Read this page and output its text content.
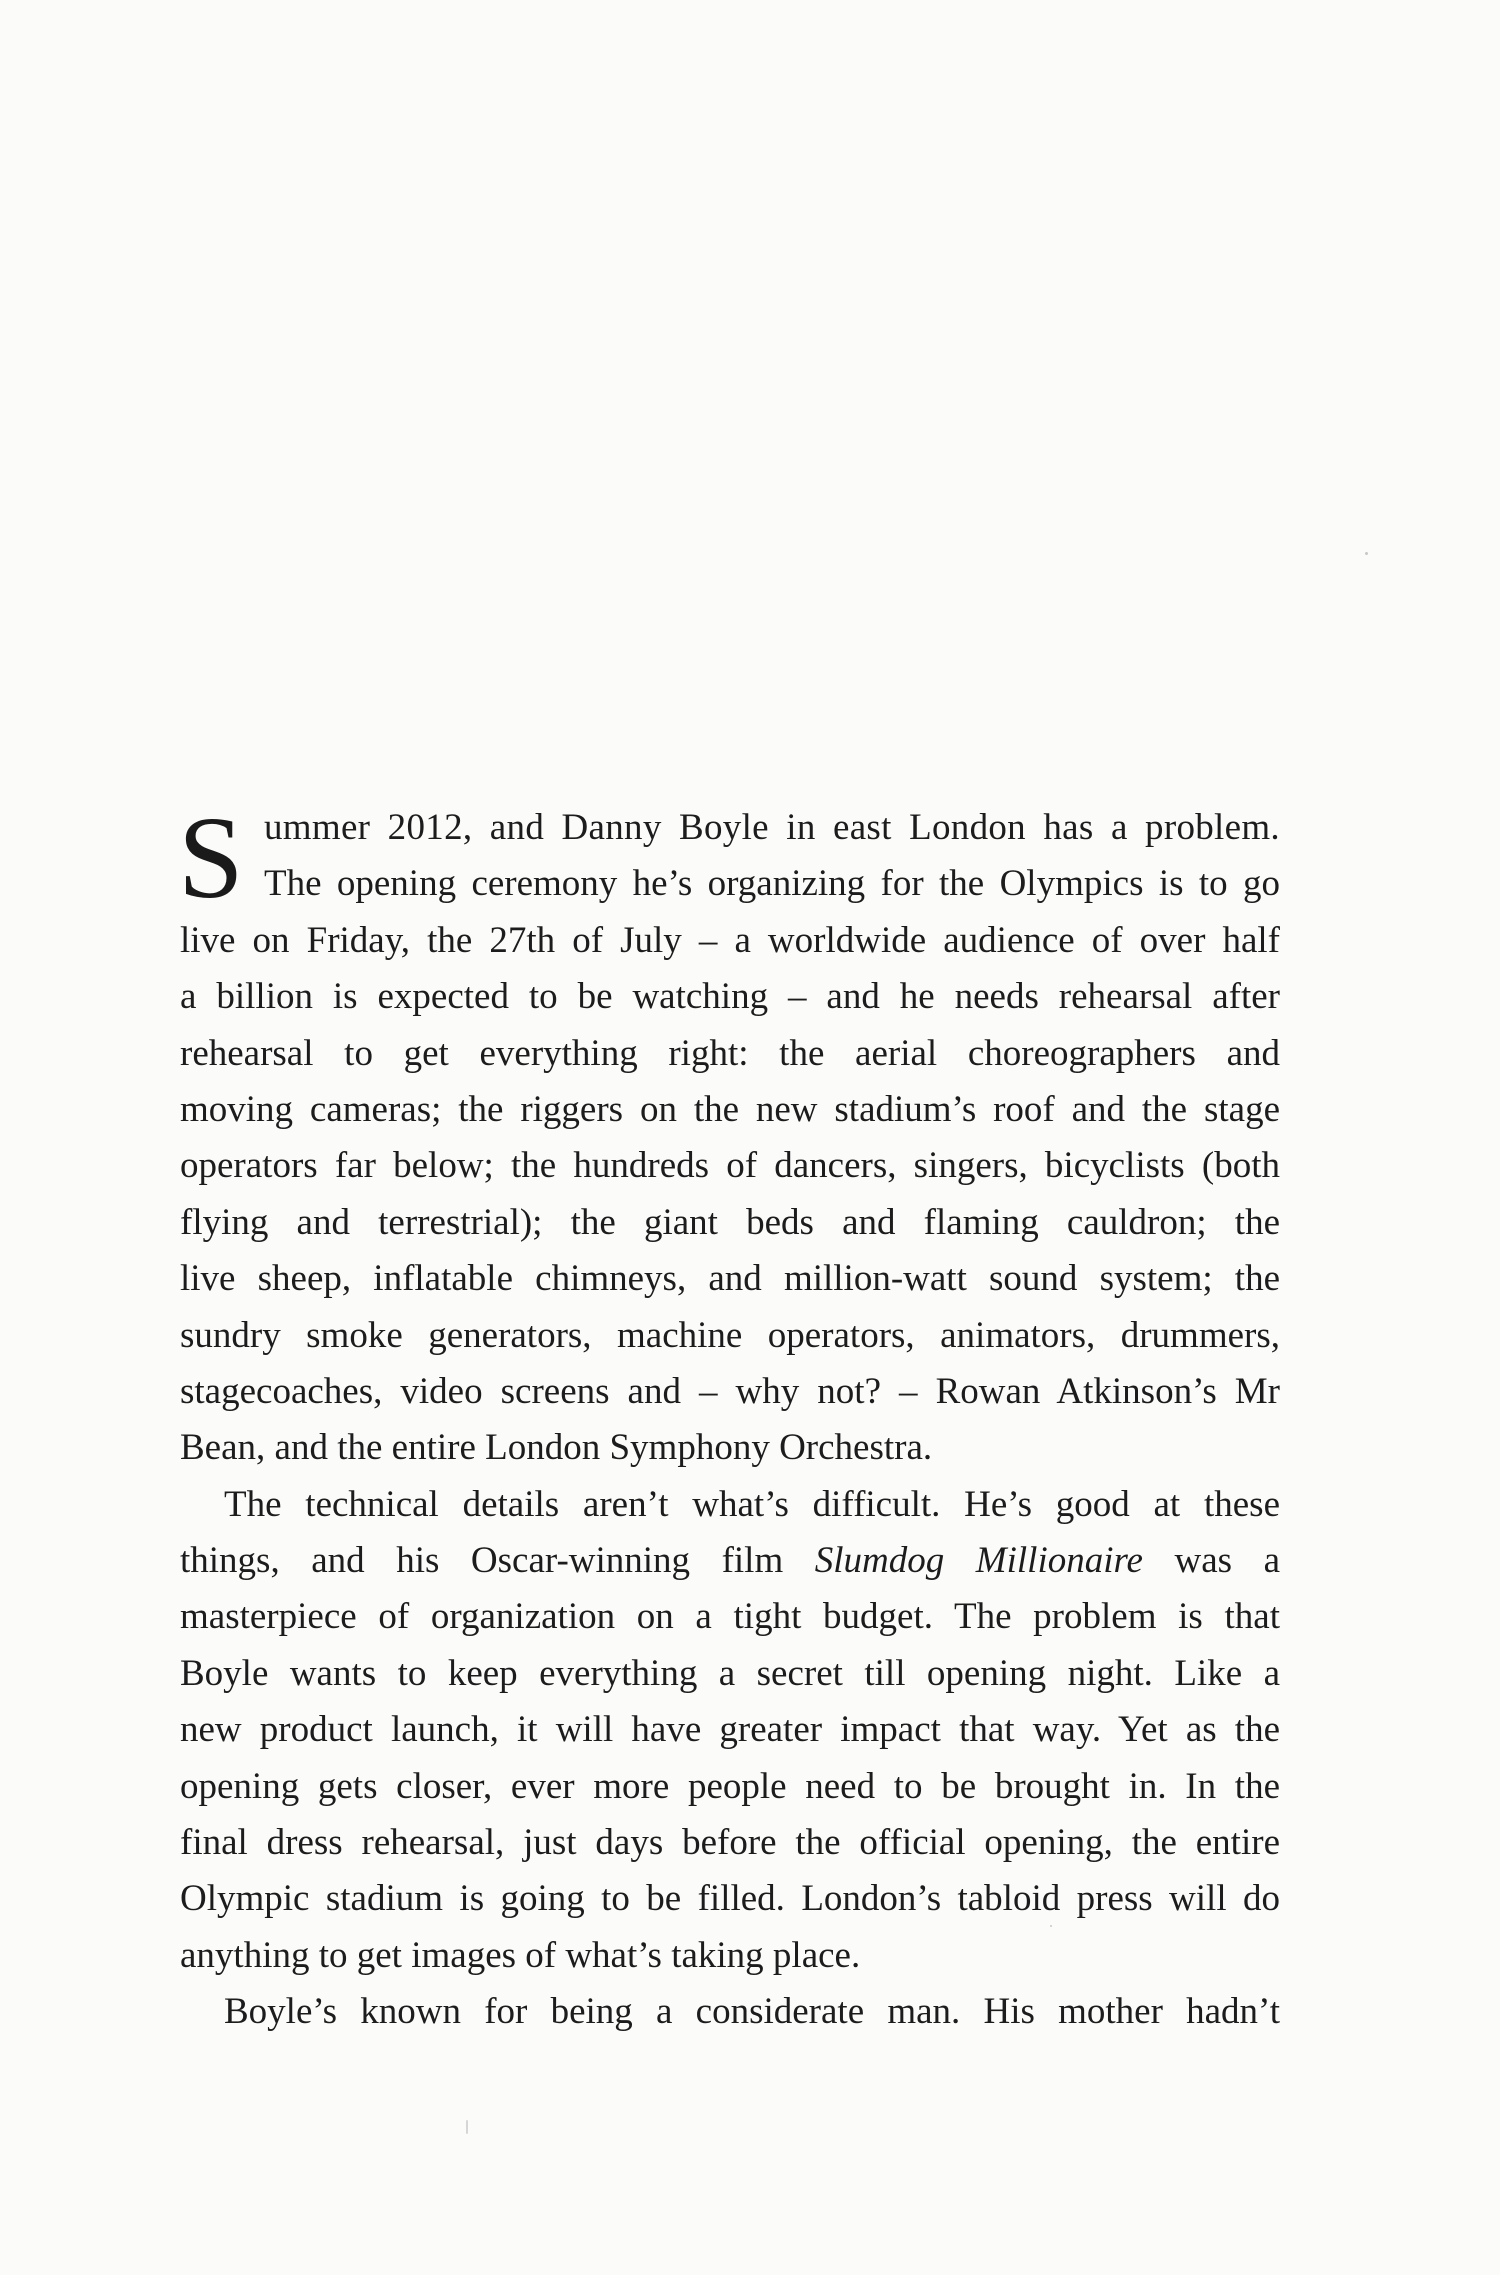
S ummer 2012, and Danny Boyle in east London has a problem.
The opening ceremony he’s organizing for the Olympics is to go
live on Friday, the 27th of July – a worldwide audience of over half
a billion is expected to be watching – and he needs rehearsal after
rehearsal to get everything right: the aerial choreographers and
moving cameras; the riggers on the new stadium’s roof and the stage
operators far below; the hundreds of dancers, singers, bicyclists (both
flying and terrestrial); the giant beds and flaming cauldron; the
live sheep, inflatable chimneys, and million-watt sound system; the
sundry smoke generators, machine operators, animators, drummers,
stagecoaches, video screens and – why not? – Rowan Atkinson’s Mr
Bean, and the entire London Symphony Orchestra.
The technical details aren’t what’s difficult. He’s good at these
things, and his Oscar-winning film Slumdog Millionaire was a
masterpiece of organization on a tight budget. The problem is that
Boyle wants to keep everything a secret till opening night. Like a
new product launch, it will have greater impact that way. Yet as the
opening gets closer, ever more people need to be brought in. In the
final dress rehearsal, just days before the official opening, the entire
Olympic stadium is going to be filled. London’s tabloid press will do
anything to get images of what’s taking place.
Boyle’s known for being a considerate man. His mother hadn’t
